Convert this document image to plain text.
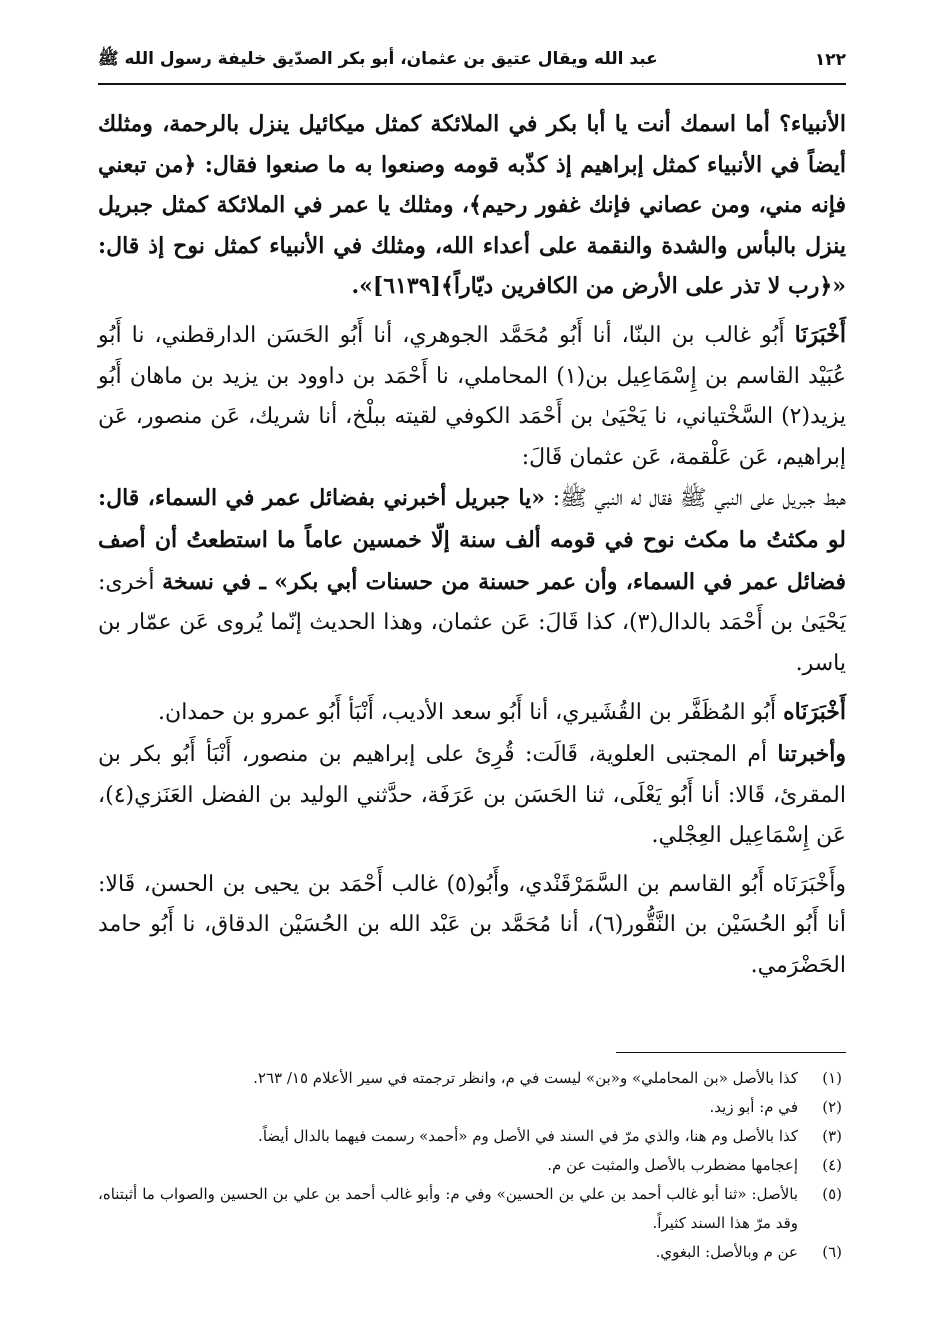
١٢٢
عبد الله ويقال عتيق بن عثمان، أبو بكر الصدّيق خليفة رسول الله ﷺ

الأنبياء؟ أما اسمك أنت يا أبا بكر في الملائكة كمثل ميكائيل ينزل بالرحمة، ومثلك أيضاً في الأنبياء كمثل إبراهيم إذ كذّبه قومه وصنعوا به ما صنعوا فقال: ﴿من تبعني فإنه مني، ومن عصاني فإنك غفور رحيم﴾، ومثلك يا عمر في الملائكة كمثل جبريل ينزل بالبأس والشدة والنقمة على أعداء الله، ومثلك في الأنبياء كمثل نوح إذ قال: «﴿رب لا تذر على الأرض من الكافرين ديّاراً﴾[٦١٣٩]».

أَخْبَرَنَا أَبُو غالب بن البنّا، أنا أَبُو مُحَمَّد الجوهري، أنا أَبُو الحَسَن الدارقطني، نا أَبُو عُبَيْد القاسم بن إِسْمَاعِيل بن(١) المحاملي، نا أَحْمَد بن داوود بن يزيد بن ماهان أَبُو يزيد(٢) السَّخْتياني، نا يَحْيَىٰ بن أَحْمَد الكوفي لقيته ببلْخ، أنا شريك، عَن منصور، عَن إبراهيم، عَن عَلْقمة، عَن عثمان قَالَ:

هبط جبريل على النبي ﷺ فقال له النبي ﷺ: «يا جبريل أخبرني بفضائل عمر في السماء، قال: لو مكثتُ ما مكث نوح في قومه ألف سنة إلّا خمسين عاماً ما استطعتُ أن أصف فضائل عمر في السماء، وأن عمر حسنة من حسنات أبي بكر» ـ في نسخة أخرى: يَحْيَىٰ بن أَحْمَد بالدال(٣)، كذا قَالَ: عَن عثمان، وهذا الحديث إنّما يُروى عَن عمّار بن ياسر.

أَخْبَرَنَاه أَبُو المُظَفَّر بن القُشَيري، أنا أَبُو سعد الأديب، أَنْبَأ أَبُو عمرو بن حمدان.

وأخبرتنا أم المجتبى العلوية، قَالَت: قُرِئ على إبراهيم بن منصور، أَنْبَأ أَبُو بكر بن المقرئ، قَالا: أنا أَبُو يَعْلَى، ثنا الحَسَن بن عَرَفَة، حدَّثني الوليد بن الفضل العَنَزي(٤)، عَن إِسْمَاعِيل العِجْلي.

وأَخْبَرَنَاه أَبُو القاسم بن السَّمَرْقَنْدي، وأَبُو(٥) غالب أَحْمَد بن يحيى بن الحسن، قَالا: أنا أَبُو الحُسَيْن بن النَّقُّور(٦)، أنا مُحَمَّد بن عَبْد الله بن الحُسَيْن الدقاق، نا أَبُو حامد الحَضْرَمي.

(١)
كذا بالأصل «بن المحاملي» و«بن» ليست في م، وانظر ترجمته في سير الأعلام ١٥/ ٢٦٣.
(٢)
في م: أبو زيد.
(٣)
كذا بالأصل وم هنا، والذي مرّ في السند في الأصل وم «أحمد» رسمت فيهما بالدال أيضاً.
(٤)
إعجامها مضطرب بالأصل والمثبت عن م.
(٥)
بالأصل: «ثنا أبو غالب أحمد بن علي بن الحسين» وفي م: وأبو غالب أحمد بن علي بن الحسين والصواب ما أثبتناه، وقد مرّ هذا السند كثيراً.
(٦)
عن م وبالأصل: البغوي.
